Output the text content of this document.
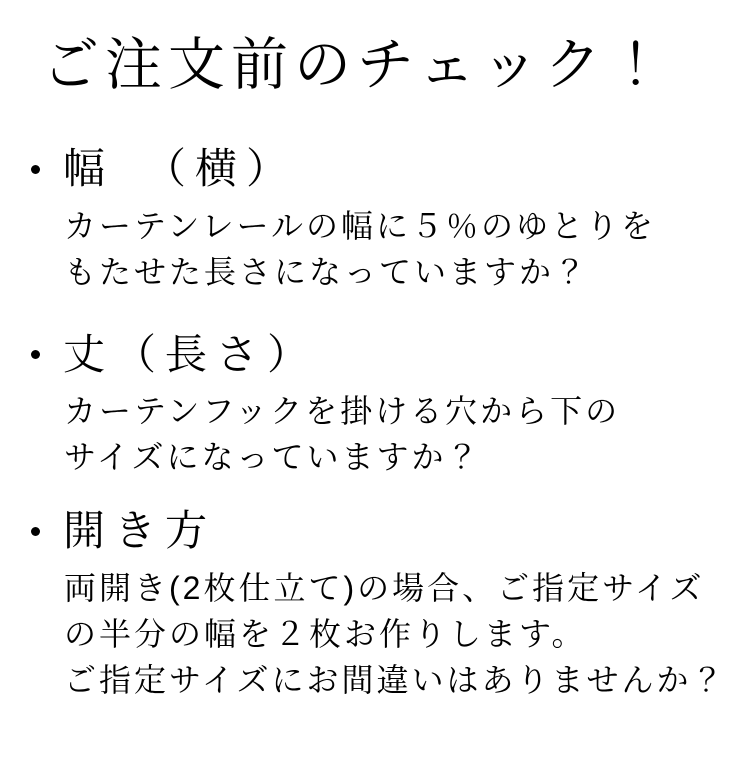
ご注文前のチェック！
幅　（横）

カーテンレールの幅に５％のゆとりを

もたせた長さになっていますか？

丈（長さ）

カーテンフックを掛ける穴から下の

サイズになっていますか？

開き方

両開き(2枚仕立て)の場合、ご指定サイズ

の半分の幅を２枚お作りします。

ご指定サイズにお間違いはありませんか？
